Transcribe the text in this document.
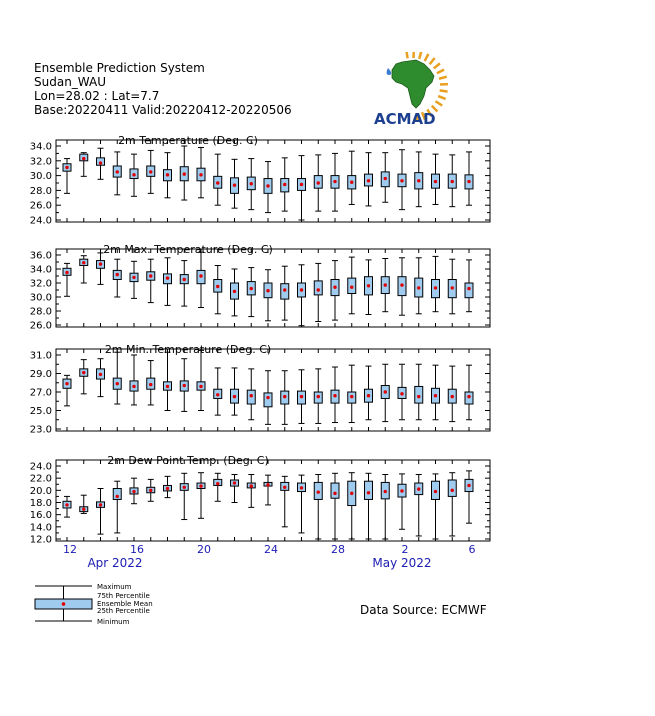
Ensemble Prediction System
Sudan_WAU
Lon=28.02 : Lat=7.7
Base:20220411 Valid:20220412-20220506	ACMAD
2m Temperature (Deg. C)
34.0
32.0
30.0
28.0
26.0
24.0
2m Max. Temperature (Deg. C)
36.0
34.0
32.0
30.0
28.0
26.0
2m Min. Temperature (Deg. C)
31.0
29.0
27.0
25.0
23.0
2m Dew Point Temp. (Deg. C)
24.0
22.0
20.0
18.0
16.0
14.0
12.0
12	16	20	24	28	2	6
Apr 2022	May 2022
Maximum
75th Percentile
Ensemble Mean
25th Percentile
Minimum
Data Source: ECMWF
